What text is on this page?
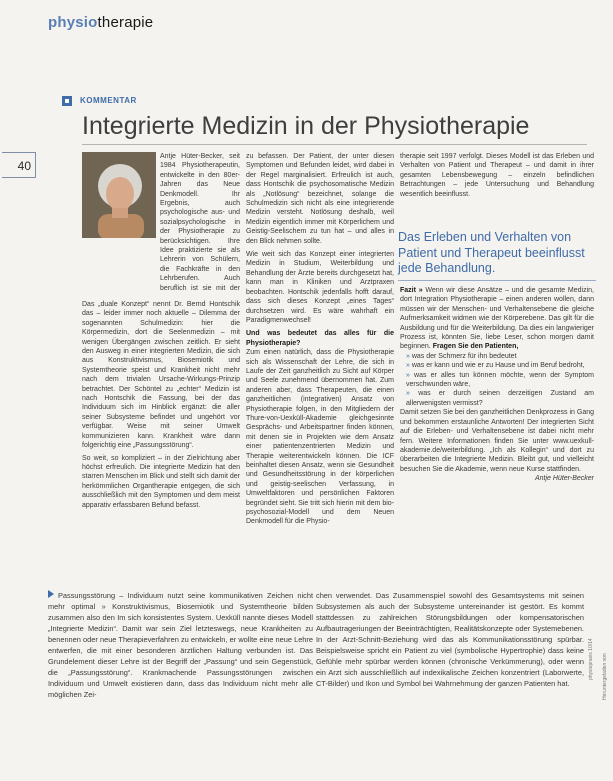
physiotherapie
40
KOMMENTAR
Integrierte Medizin in der Physiotherapie

Antje Hüter-Becker, seit 1984 Physiotherapeutin, entwickelte in den 80er-Jahren das Neue Denkmodell. Ihr Ergebnis, auch psychologische aus- und sozialpsychologische in der Physiotherapie zu berücksichtigen. Ihre Idee praktizierte sie als Lehrerin von Schülern, die Fachkräfte in den Lehrberufen. Auch beruflich ist sie mit der

Das „duale Konzept“ nennt Dr. Bernd Hontschik das – leider immer noch aktuelle – Dilemma der sogenannten Schulmedizin: hier die Körpermedizin, dort die Seelenmedizin – mit wenigen Übergängen zwischen zeitlich. Er sieht den Ausweg in einer integrierten Medizin, die sich aus Konstruktivismus, Biosemiotik und Systemtheorie speist und Krankheit nicht mehr nach dem trivialen Ursache-Wirkungs-Prinzip betrachtet. Der Schöntel zu „echter“ Medizin ist nach Hontschik die Fassung, bei der das Individuum sich im Hinblick ergänzt: die aller seiner Subsysteme befindet und ungehört vor verfügbar. Weise mit seiner Umwelt kommunizieren kann. Krankheit wäre dann folgerichtig eine „Passungsstörung“.

So weit, so kompliziert – in der Zielrichtung aber höchst erfreulich. Die integrierte Medizin hat den starren Menschen im Blick und stellt sich damit der herkömmlichen Organtherapie entgegen, die sich ausschließlich mit den Symptomen und dem meist apparativ erfassbaren Befund befasst.

zu befassen. Der Patient, der unter diesen Symptomen und Befunden leidet, wird dabei in der Regel marginalisiert. Erfreulich ist auch, dass Hontschik die psychosomatische Medizin als „Notlösung“ bezeichnet, solange die Schulmedizin sich nicht als eine integrierende Medizin versteht. Notlösung deshalb, weil Medizin eigentlich immer mit Körperlichem und Geistig-Seelischem zu tun hat – und alles in den Blick nehmen sollte.

Wie weit sich das Konzept einer integrierten Medizin in Studium, Weiterbildung und Behandlung der Ärzte bereits durchgesetzt hat, kann man in Kliniken und Arztpraxen beobachten. Hontschik jedenfalls hofft darauf, dass sich dieses Konzept „eines Tages“ durchsetzen wird. Es wäre wahrhaft ein Paradigmenwechsel!

Und was bedeutet das alles für die Physiotherapie?

Zum einen natürlich, dass die Physiotherapie sich als Wissenschaft der Lehre, die sich in Laufe der Zeit ganzheitlich zu Sicht auf Körper und Seele zunehmend übernommen hat. Zum anderen aber, dass Therapeuten, die einen ganzheitlichen (integrativen) Ansatz von Physiotherapie folgen, in den Mitgliedern der Thure-von-Uexküll-Akademie gleichgesinnte Gesprächs- und Arbeitspartner finden können, mit denen sie in Projekten wie dem Ansatz einer patientenzentrierten Medizin und Therapie weiterentwickeln können. Die ICF beinhaltet diesen Ansatz, wenn sie Gesundheit und Gesundheitsstörung in der körperlichen und geistig-seelischen Verfassung, in Umweltfaktoren und persönlichen Faktoren begründet sieht. Sie tritt sich hierin mit dem bio-psychosozial-Modell und dem Neuen Denkmodell für die Physio-

therapie seit 1997 verfolgt. Dieses Modell ist das Erleben und Verhalten von Patient und Therapeut – und damit in ihrer gesamten Lebensbewegung – einzeln befindlichen Betrachtungen – jede Untersuchung und Behandlung wesentlich beeinflusst.

Das Erleben und Verhalten von Patient und Therapeut beeinflusst jede Behandlung.

Fazit » Wenn wir diese Ansätze – und die gesamte Medizin, dort Integration Physiotherapie – einen anderen wollen, dann müssen wir der Menschen- und Verhaltensebene die gleiche Aufmerksamkeit widmen wie der Körperebene. Das gilt für die Ausbildung und für die Weiterbildung. Da dies ein langwieriger Prozess ist, könnten Sie, liebe Leser, schon morgen damit beginnen. Fragen Sie den Patienten,

» was der Schmerz für ihn bedeutet
» was er kann und wie er zu Hause und im Beruf bedroht,
» was er alles tun können möchte, wenn der Symptom verschwunden wäre,
» was er durch seinen derzeitigen Zustand am allerwenigsten vermisst?

Damit setzen Sie bei den ganzheitlichen Denkprozess in Gang und bekommen erstaunliche Antworten! Der integrierten Sicht auf die Erleben- und Verhaltensebene ist dabei nicht mehr fern. Weitere Informationen finden Sie unter www.uexkull-akademie.de/weiterbildung. „Ich als Kollegin“ und dort zu überarbeiten die Integrierte Medizin. Bleibt gut, und vielleicht besuchen Sie die Akademie, wenn neue Kurse stattfinden.

Antje Hüter-Becker

Passungsstörung – Individuum nutzt seine kommunikativen Zeichen nicht mehr optimal » Konstruktivismus, Biosemiotik und Systemtheorie bilden zusammen also den Im sich konsistentes System. Uexküll nannte dieses Modell „Integrierte Medizin“. Damit war sein Ziel letzteswegs, neue Krankheiten zu benennen oder neue Therapieverfahren zu entwickeln, er wollte eine neue Lehre entwerfen, die mit einer besonderen ärztlichen Haltung verbunden ist. Das Grundelement dieser Lehre ist der Begriff der „Passung“ und sein Gegenstück, die „Passungsstörung“. Krankmachende Passungsstörungen zwischen Individuum und Umwelt existieren dann, dass das Individuum nicht mehr alle möglichen Zei-
chen verwendet. Das Zusammenspiel sowohl des Gesamtsystems mit seinen Subsystemen als auch der Subsysteme untereinander ist gestört. Es kommt stattdessen zu zahlreichen Störungsbildungen oder kompensatorischen Aufbautrageriungen der Beeinträchtigten, Realitätskonzepte oder Systemebenen. In der Arzt-Schnitt-Beziehung wird das als Kommunikationsstörung spürbar. Beispielsweise spricht ein Patient zu viel (symbolische Hypertrophie) dass keine Gefühle mehr spürbar werden können (chronische Verkümmerung), oder wenn ein Arzt sich ausschließlich auf indexikalische Zeichen konzentriert (Laborwerte, CT-Bilder) und Ikon und Symbol bei Wahrnehmung der ganzen Patienten hat.
physiopraxis 10/14 Heruntergeladen von
